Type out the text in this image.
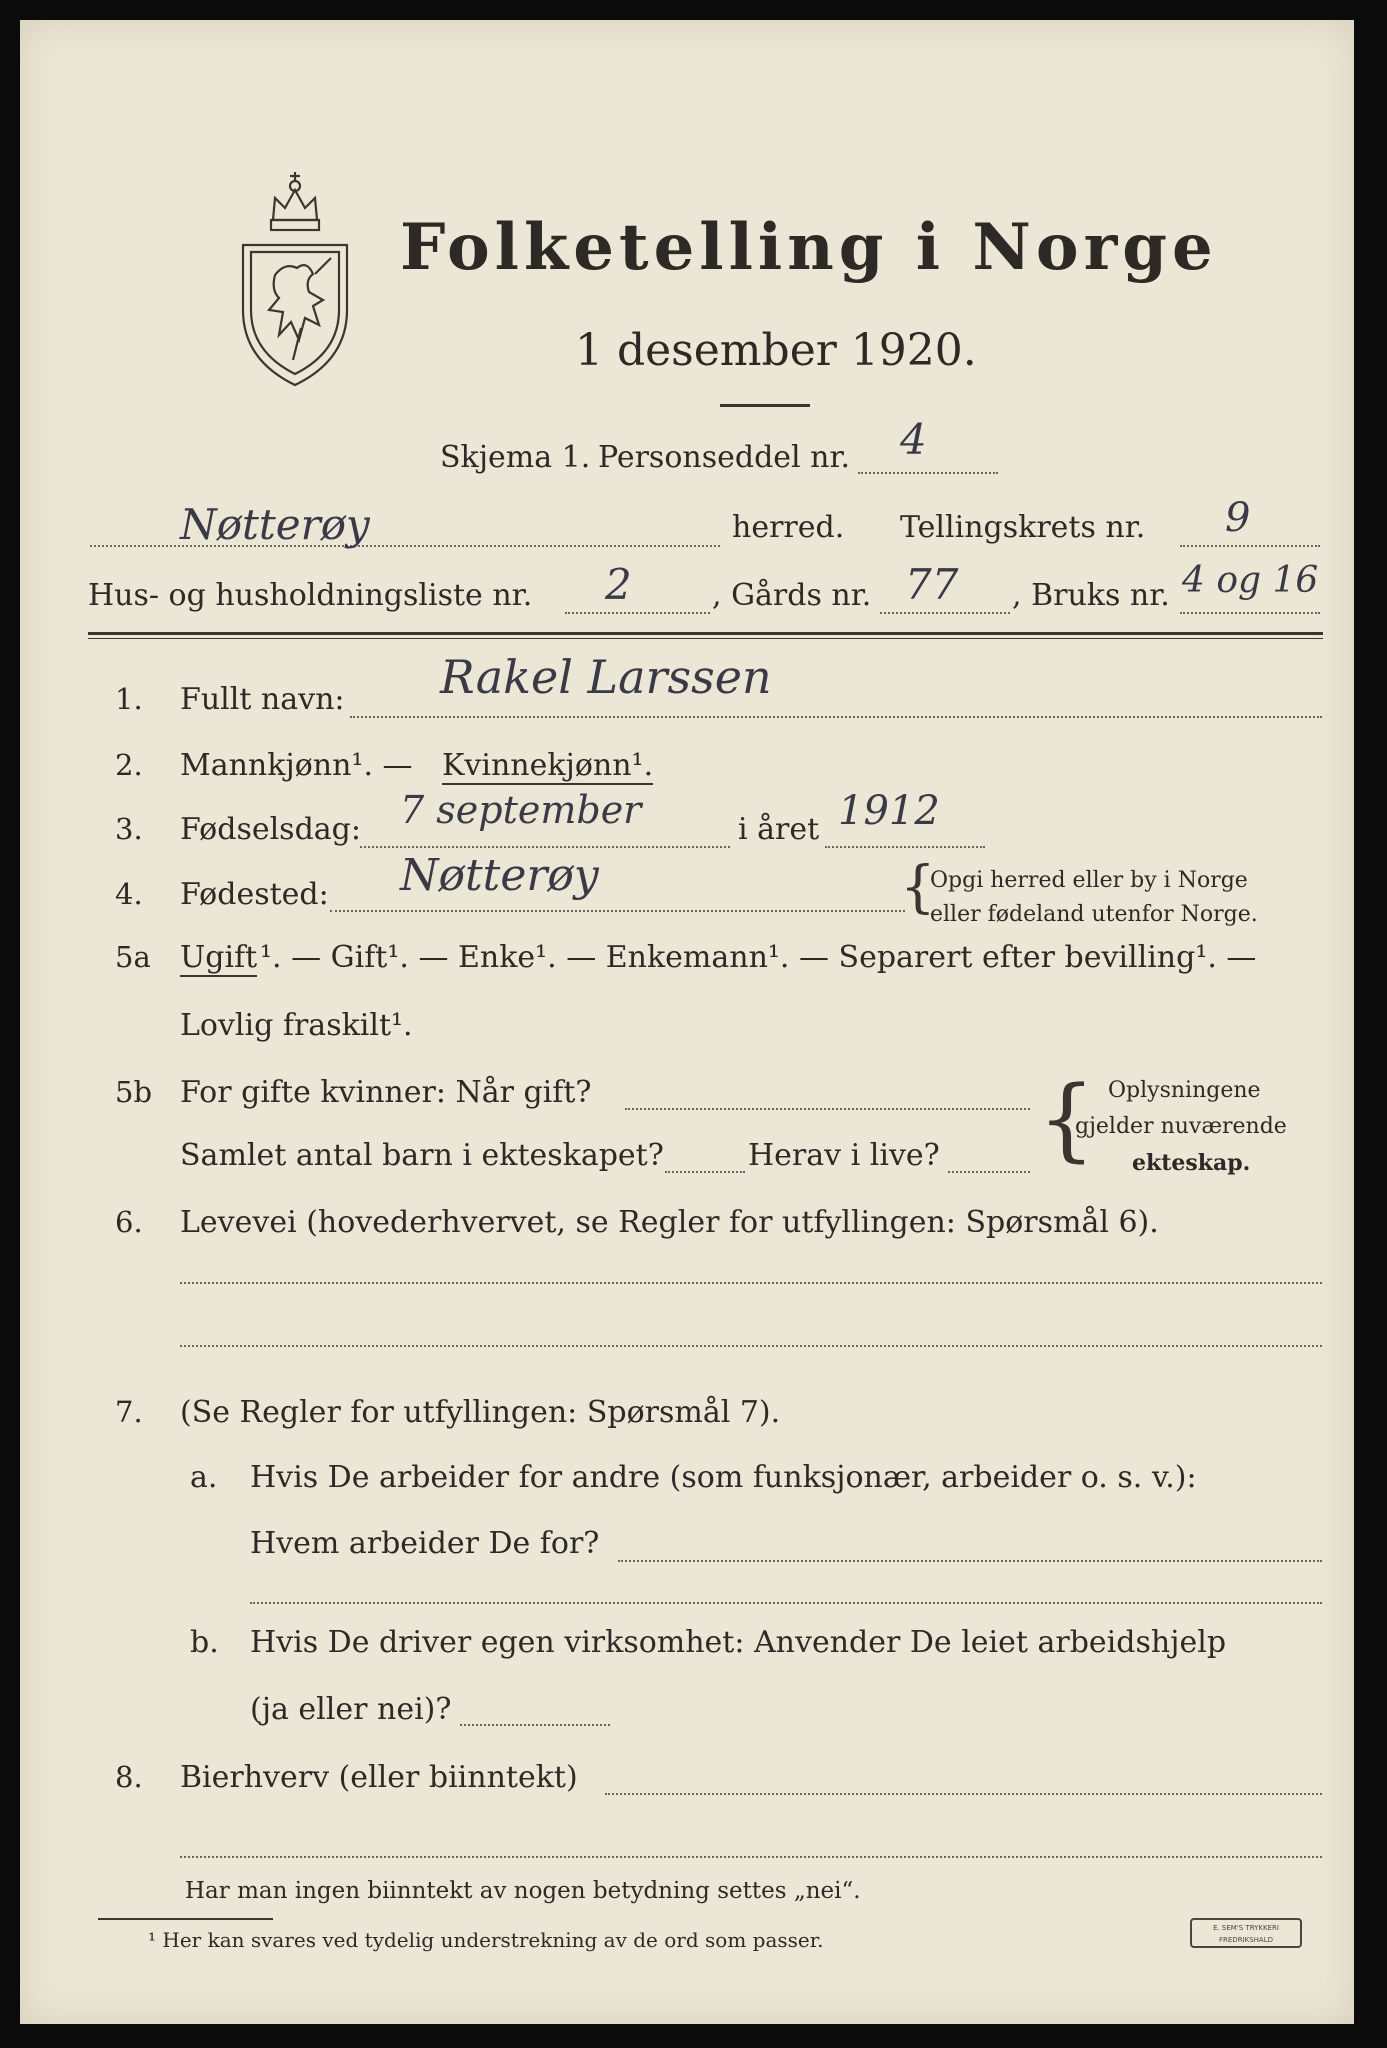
Folketelling i Norge
1 desember 1920.
Skjema 1. Personseddel nr. 4
Nøtterøy	herred. Tellingskrets nr. 9
Hus- og husholdningsliste nr. 2	, Gårds nr. 77 , Bruks nr. 4 og 16
1. Fullt navn: Rakel Larssen
2. Mannkjønn¹. — Kvinnekjønn¹.
3. Fødselsdag: 7 september	i året 1912
4. Fødested: Nøtterøy	{
Opgi herred eller by i Norge
eller fødeland utenfor Norge.
5a Ugift ¹. — Gift¹. — Enke¹. — Enkemann¹. — Separert efter bevilling¹. —
Lovlig fraskilt¹.
5b For gifte kvinner: Når gift?
Samlet antal barn i ekteskapet?	Herav i live? { Oplysningene
gjelder nuværende
ekteskap.
6. Levevei (hovederhvervet, se Regler for utfyllingen: Spørsmål 6).
7. (Se Regler for utfyllingen: Spørsmål 7).
a. Hvis De arbeider for andre (som funksjonær, arbeider o. s. v.):
Hvem arbeider De for?
b. Hvis De driver egen virksomhet: Anvender De leiet arbeidshjelp
(ja eller nei)?
8. Bierhverv (eller biinntekt)
Har man ingen biinntekt av nogen betydning settes „nei“.
¹ Her kan svares ved tydelig understrekning av de ord som passer.	E. SEM'S TRYKKERI FREDRIKSHALD
